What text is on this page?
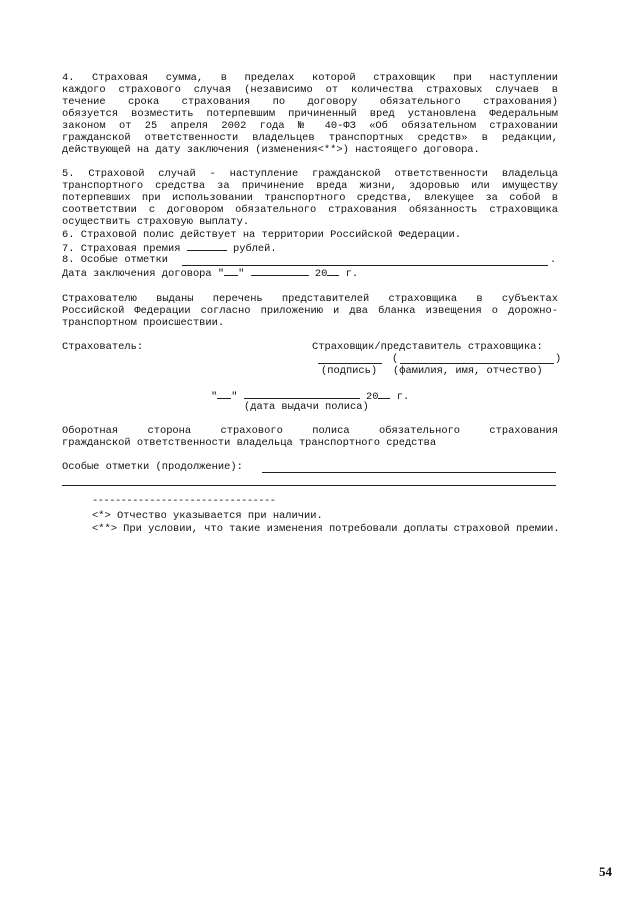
4. Страховая сумма, в пределах которой страховщик при наступлении
каждого страхового случая (независимо от количества страховых случаев в
течение срока страхования по договору обязательного страхования)
обязуется возместить потерпевшим причиненный вред установлена Федеральным
законом от 25 апреля 2002 года № 40-ФЗ «Об обязательном страховании
гражданской ответственности владельцев транспортных средств» в редакции,
действующей на дату заключения (изменения<**>) настоящего договора.
5. Страховой случай - наступление гражданской ответственности владельца
транспортного средства за причинение вреда жизни, здоровью или имуществу
потерпевших при использовании транспортного средства, влекущее за собой в
соответствии с договором обязательного страхования обязанность страховщика
осуществить страховую выплату.
6. Страховой полис действует на территории Российской Федерации.
7. Страховая премия	рублей.
8. Особые отметки	.
Дата заключения договора " "	20 г.
Страхователю выданы перечень представителей страховщика в субъектах
Российской Федерации согласно приложению и два бланка извещения о дорожно-
транспортном происшествии.
Страхователь:	Страховщик/представитель страховщика:
(	)
(подпись) (фамилия, имя, отчество)
" "	20 г.
(дата выдачи полиса)
Оборотная сторона страхового полиса обязательного страхования
гражданской ответственности владельца транспортного средства
Особые отметки (продолжение):
--------------------------------
<*> Отчество указывается при наличии.
<**> При условии, что такие изменения потребовали доплаты страховой премии.
54
